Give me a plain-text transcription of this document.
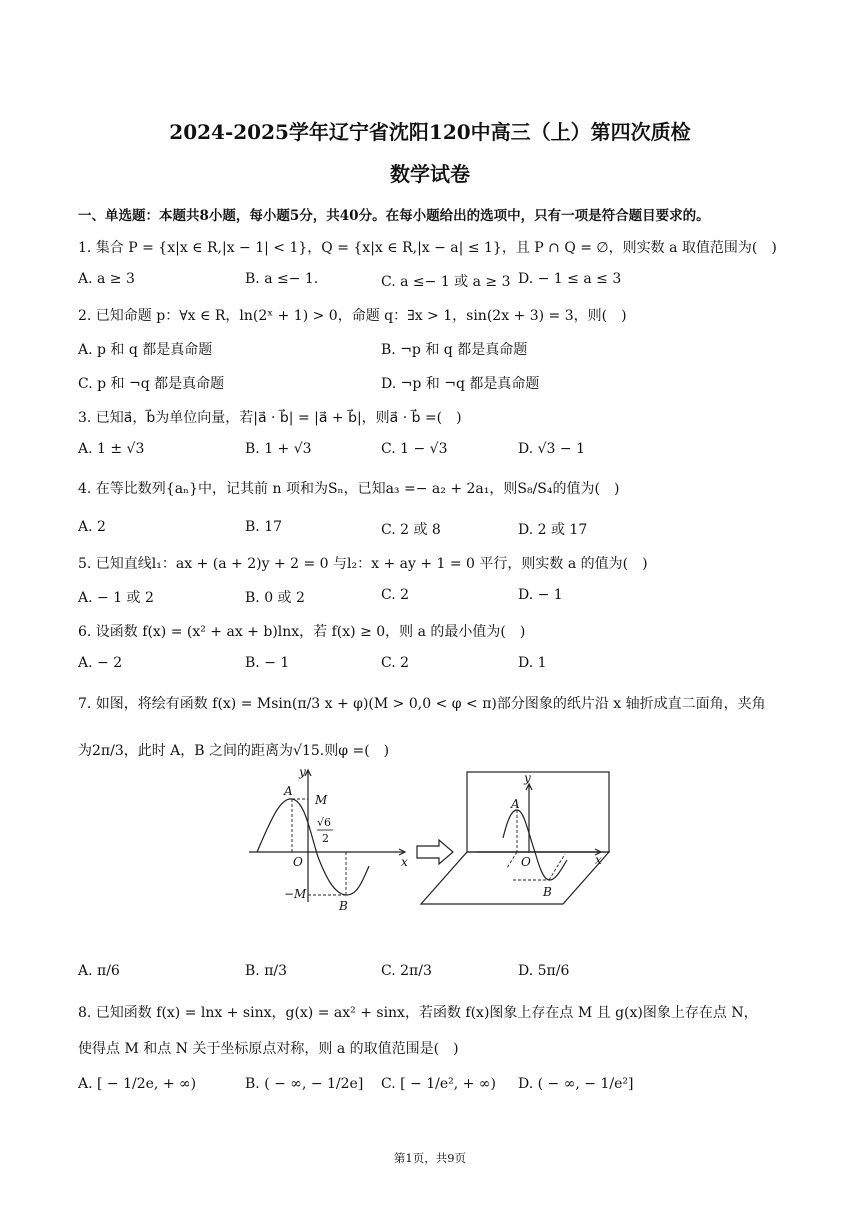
2024-2025学年辽宁省沈阳120中高三（上）第四次质检
数学试卷
一、单选题：本题共8小题，每小题5分，共40分。在每小题给出的选项中，只有一项是符合题目要求的。
1. 集合 P = {x|x ∈ R,|x − 1| < 1}，Q = {x|x ∈ R,|x − a| ≤ 1}，且 P ∩ Q = ∅，则实数 a 取值范围为(　)
A. a ≥ 3	B. a ≤− 1.	C. a ≤− 1 或 a ≥ 3 D. − 1 ≤ a ≤ 3
2. 已知命题 p：∀x ∈ R，ln(2ˣ + 1) > 0，命题 q：∃x > 1，sin(2x + 3) = 3，则(　)
A. p 和 q 都是真命题	B. ¬p 和 q 都是真命题
C. p 和 ¬q 都是真命题	D. ¬p 和 ¬q 都是真命题
3. 已知a⃗，b⃗为单位向量，若|a⃗ · b⃗| = |a⃗ + b⃗|，则a⃗ · b⃗ =(　)
A. 1 ± √3	B. 1 + √3	C. 1 − √3	D. √3 − 1
4. 在等比数列{aₙ}中，记其前 n 项和为Sₙ，已知a₃ =− a₂ + 2a₁，则S₈/S₄的值为(　)
A. 2	B. 17	C. 2 或 8	D. 2 或 17
5. 已知直线l₁：ax + (a + 2)y + 2 = 0 与l₂：x + ay + 1 = 0 平行，则实数 a 的值为(　)
A. − 1 或 2	B. 0 或 2	C. 2	D. − 1
6. 设函数 f(x) = (x² + ax + b)lnx，若 f(x) ≥ 0，则 a 的最小值为(　)
A. − 2	B. − 1	C. 2	D. 1
7. 如图，将绘有函数 f(x) = Msin(π/3 x + φ)(M > 0,0 < φ < π)部分图象的纸片沿 x 轴折成直二面角，夹角
为2π/3，此时 A，B 之间的距离为√15.则φ =(　)
y
x
O
A
M
B
−M
x
y
A
O
B
√6
2
A. π/6	B. π/3	C. 2π/3	D. 5π/6
8. 已知函数 f(x) = lnx + sinx，g(x) = ax² + sinx，若函数 f(x)图象上存在点 M 且 g(x)图象上存在点 N，
使得点 M 和点 N 关于坐标原点对称，则 a 的取值范围是(　)
A. [ − 1/2e, + ∞)	B. ( − ∞, − 1/2e] C. [ − 1/e², + ∞) D. ( − ∞, − 1/e²]
第1页，共9页
